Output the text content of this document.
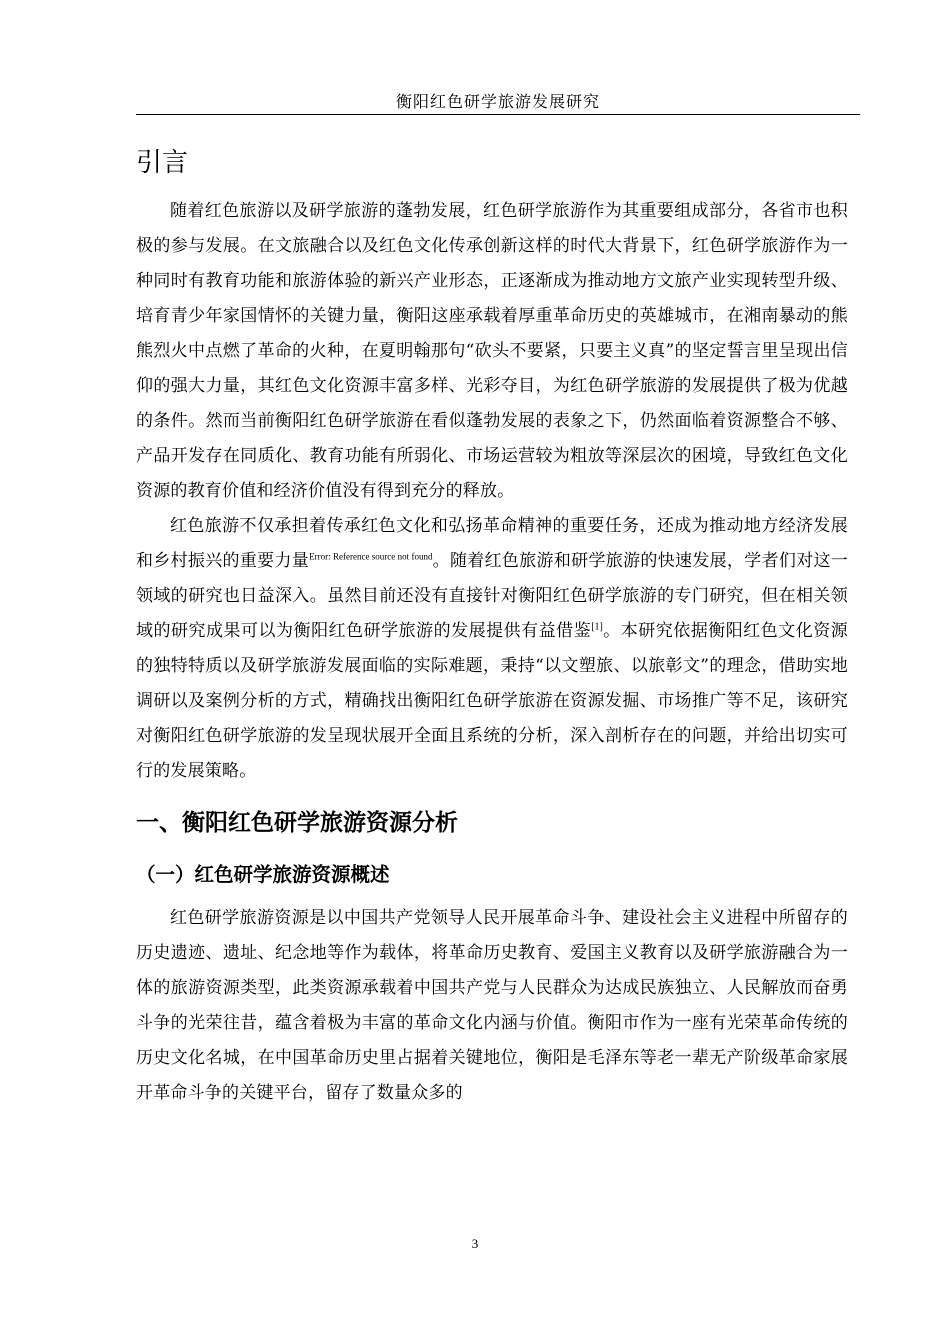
衡阳红色研学旅游发展研究
引言

随着红色旅游以及研学旅游的蓬勃发展，红色研学旅游作为其重要组成部分，各省市也积极的参与发展。在文旅融合以及红色文化传承创新这样的时代大背景下，红色研学旅游作为一种同时有教育功能和旅游体验的新兴产业形态，正逐渐成为推动地方文旅产业实现转型升级、培育青少年家国情怀的关键力量，衡阳这座承载着厚重革命历史的英雄城市，在湘南暴动的熊熊烈火中点燃了革命的火种，在夏明翰那句“砍头不要紧，只要主义真”的坚定誓言里呈现出信仰的强大力量，其红色文化资源丰富多样、光彩夺目，为红色研学旅游的发展提供了极为优越的条件。然而当前衡阳红色研学旅游在看似蓬勃发展的表象之下，仍然面临着资源整合不够、产品开发存在同质化、教育功能有所弱化、市场运营较为粗放等深层次的困境，导致红色文化资源的教育价值和经济价值没有得到充分的释放。

红色旅游不仅承担着传承红色文化和弘扬革命精神的重要任务，还成为推动地方经济发展和乡村振兴的重要力量$^{Error: Reference source not found}$。随着红色旅游和研学旅游的快速发展，学者们对这一领域的研究也日益深入。虽然目前还没有直接针对衡阳红色研学旅游的专门研究，但在相关领域的研究成果可以为衡阳红色研学旅游的发展提供有益借鉴[1]。本研究依据衡阳红色文化资源的独特特质以及研学旅游发展面临的实际难题，秉持“以文塑旅、以旅彰文”的理念，借助实地调研以及案例分析的方式，精确找出衡阳红色研学旅游在资源发掘、市场推广等不足，该研究对衡阳红色研学旅游的发呈现状展开全面且系统的分析，深入剖析存在的问题，并给出切实可行的发展策略。

一、衡阳红色研学旅游资源分析
（一）红色研学旅游资源概述

红色研学旅游资源是以中国共产党领导人民开展革命斗争、建设社会主义进程中所留存的历史遗迹、遗址、纪念地等作为载体，将革命历史教育、爱国主义教育以及研学旅游融合为一体的旅游资源类型，此类资源承载着中国共产党与人民群众为达成民族独立、人民解放而奋勇斗争的光荣往昔，蕴含着极为丰富的革命文化内涵与价值。衡阳市作为一座有光荣革命传统的历史文化名城，在中国革命历史里占据着关键地位，衡阳是毛泽东等老一辈无产阶级革命家展开革命斗争的关键平台，留存了数量众多的

3
